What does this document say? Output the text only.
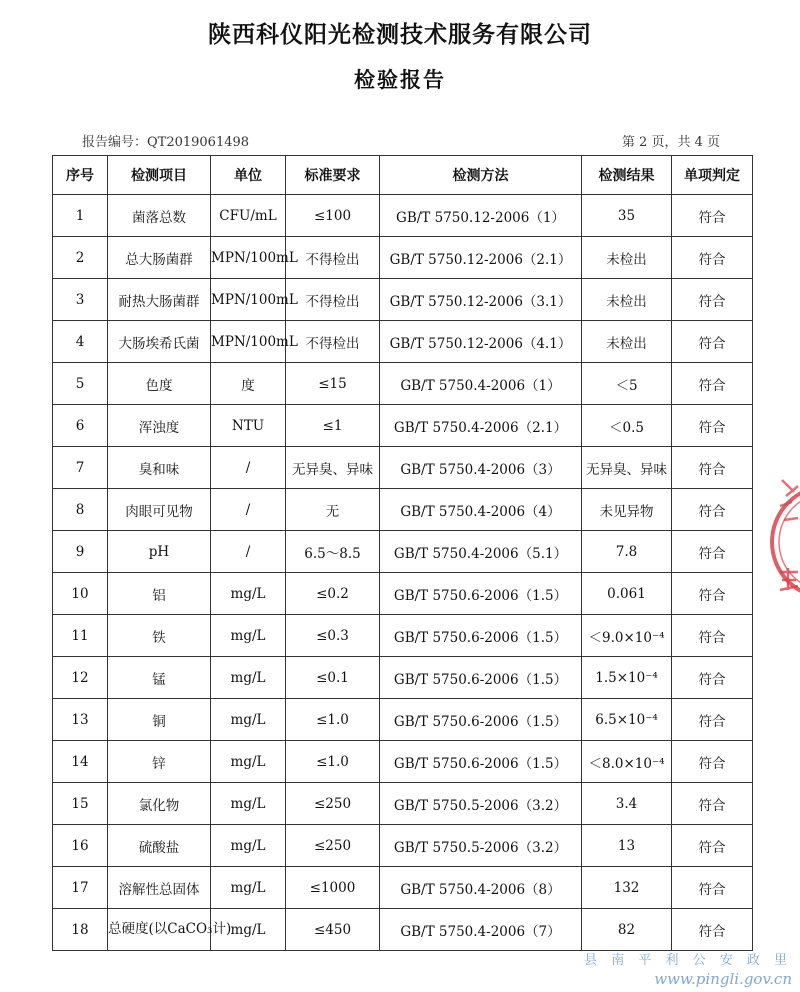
陕西科仪阳光检测技术服务有限公司
检验报告
报告编号：QT2019061498	第 2 页，共 4 页
序号	检测项目	单位	标准要求	检测方法	检测结果	单项判定
1	菌落总数	CFU/mL	≤100	GB/T 5750.12-2006（1）	35	符合
2	总大肠菌群	MPN/100mL	不得检出	GB/T 5750.12-2006（2.1）	未检出	符合
3	耐热大肠菌群	MPN/100mL	不得检出	GB/T 5750.12-2006（3.1）	未检出	符合
4	大肠埃希氏菌	MPN/100mL	不得检出	GB/T 5750.12-2006（4.1）	未检出	符合
5	色度	度	≤15	GB/T 5750.4-2006（1）	＜5	符合
6	浑浊度	NTU	≤1	GB/T 5750.4-2006（2.1）	＜0.5	符合
7	臭和味	/	无异臭、异味	GB/T 5750.4-2006（3）	无异臭、异味	符合
8	肉眼可见物	/	无	GB/T 5750.4-2006（4）	未见异物	符合
9	pH	/	6.5～8.5	GB/T 5750.4-2006（5.1）	7.8	符合
10	铝	mg/L	≤0.2	GB/T 5750.6-2006（1.5）	0.061	符合
11	铁	mg/L	≤0.3	GB/T 5750.6-2006（1.5）	＜9.0×10⁻⁴	符合
12	锰	mg/L	≤0.1	GB/T 5750.6-2006（1.5）	1.5×10⁻⁴	符合
13	铜	mg/L	≤1.0	GB/T 5750.6-2006（1.5）	6.5×10⁻⁴	符合
14	锌	mg/L	≤1.0	GB/T 5750.6-2006（1.5）	＜8.0×10⁻⁴	符合
15	氯化物	mg/L	≤250	GB/T 5750.5-2006（3.2）	3.4	符合
16	硫酸盐	mg/L	≤250	GB/T 5750.5-2006（3.2）	13	符合
17	溶解性总固体	mg/L	≤1000	GB/T 5750.4-2006（8）	132	符合
18	总硬度(以CaCO₃计)	mg/L	≤450	GB/T 5750.4-2006（7）	82	符合
县 南 平 利 公 安 政 里
www.pingli.gov.cn
